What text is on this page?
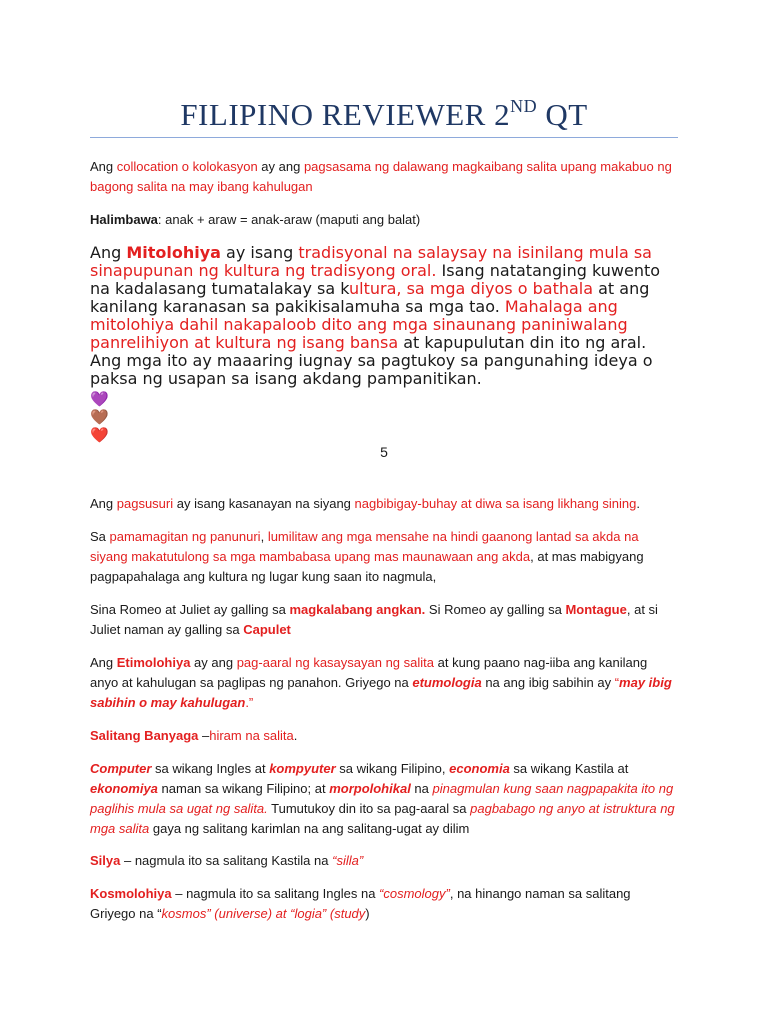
FILIPINO REVIEWER 2ND QT
Ang collocation o kolokasyon ay ang pagsasama ng dalawang magkaibang salita upang makabuo ng bagong salita na may ibang kahulugan
Halimbawa: anak + araw = anak-araw (maputi ang balat)
Ang Mitolohiya ay isang tradisyonal na salaysay na isinilang mula sa sinapupunan ng kultura ng tradisyong oral. Isang natatanging kuwento na kadalasang tumatalakay sa kultura, sa mga diyos o bathala at ang kanilang karanasan sa pakikisalamuha sa mga tao. Mahalaga ang mitolohiya dahil nakapaloob dito ang mga sinaunang paniniwalang panrelihiyon at kultura ng isang bansa at kapupulutan din ito ng aral. Ang mga ito ay maaaring iugnay sa pagtukoy sa pangunahing ideya o paksa ng usapan sa isang akdang pampanitikan.
💜
🤎
❤️
5
Ang pagsusuri ay isang kasanayan na siyang nagbibigay-buhay at diwa sa isang likhang sining.
Sa pamamagitan ng panunuri, lumilitaw ang mga mensahe na hindi gaanong lantad sa akda na siyang makatutulong sa mga mambabasa upang mas maunawaan ang akda, at mas mabigyang pagpapahalaga ang kultura ng lugar kung saan ito nagmula,
Sina Romeo at Juliet ay galling sa magkalabang angkan. Si Romeo ay galling sa Montague, at si Juliet naman ay galling sa Capulet
Ang Etimolohiya ay ang pag-aaral ng kasaysayan ng salita at kung paano nag-iiba ang kanilang anyo at kahulugan sa paglipas ng panahon. Griyego na etumologia na ang ibig sabihin ay “may ibig sabihin o may kahulugan.”
Salitang Banyaga –hiram na salita.
Computer sa wikang Ingles at kompyuter sa wikang Filipino, economia sa wikang Kastila at ekonomiya naman sa wikang Filipino; at morpolohikal na pinagmulan kung saan nagpapakita ito ng paglihis mula sa ugat ng salita. Tumutukoy din ito sa pag-aaral sa pagbabago ng anyo at istruktura ng mga salita gaya ng salitang karimlan na ang salitang-ugat ay dilim
Silya – nagmula ito sa salitang Kastila na “silla”
Kosmolohiya – nagmula ito sa salitang Ingles na “cosmology”, na hinango naman sa salitang Griyego na “kosmos” (universe) at “logia” (study)
